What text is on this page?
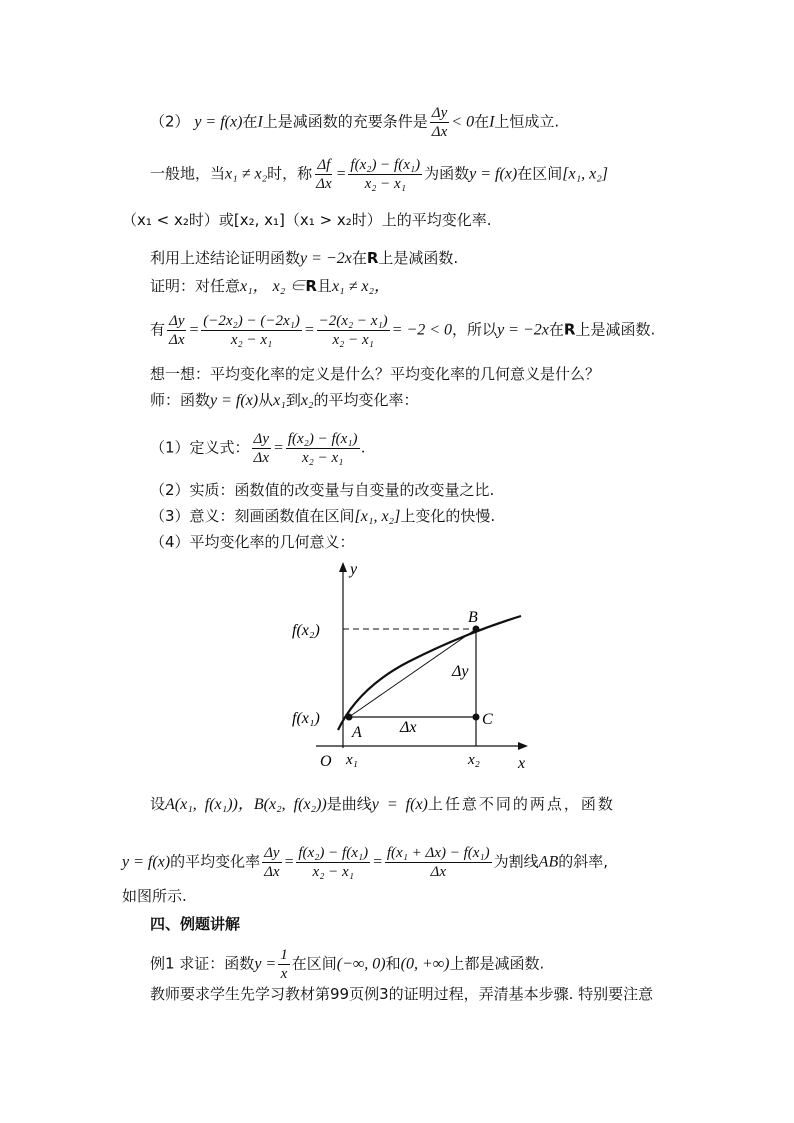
（2） y = f(x)在I上是减函数的充要条件是 $\frac{\Delta y}{\Delta x} < 0$在I上恒成立.
一般地，当x₁ ≠ x₂时，称 $\frac{\Delta f}{\Delta x} = \frac{\text{f(x₂) − f(x₁)}}{\text{x₂ − x₁}}$ 为函数y = f(x)在区间[x₁, x₂]
（x₁ < x₂时）或[x₂, x₁]（x₁ > x₂时）上的平均变化率.
利用上述结论证明函数y = −2x在R上是减函数.
证明：对任意x₁， x₂ ∈R且x₁ ≠ x₂，
有 $\frac{\Delta y}{\Delta x} = \frac{\text{(−2x₂) − (−2x₁)}}{\text{x₂ − x₁}} = \frac{\text{−2(x₂ − x₁)}}{\text{x₂ − x₁}} = -2 < 0$，所以y = −2x在R上是减函数.
想一想：平均变化率的定义是什么？平均变化率的几何意义是什么？
师：函数y = f(x)从x₁到x₂的平均变化率：
（1）定义式： $\frac{\Delta y}{\Delta x} = \frac{\text{f(x₂) − f(x₁)}}{\text{x₂ − x₁}}$ .
（2）实质：函数值的改变量与自变量的改变量之比.
（3）意义：刻画函数值在区间[x₁, x₂]上变化的快慢.
（4）平均变化率的几何意义：
y
x
O
f(x₂)
f(x₁)
A
B
C
Δx
Δy
x₁	x₂
设A(x₁, f(x₁))，B(x₂, f(x₂))是曲线y = f(x)上任意不同的两点，函数
y = f(x)的平均变化率 $\frac{\Delta y}{\Delta x} = \frac{\text{f(x₂) − f(x₁)}}{\text{x₂ − x₁}} = \frac{\text{f(x₁ + Δx) − f(x₁)}}{\Delta x}$ 为割线AB的斜率,
如图所示.
四、例题讲解
例1 求证：函数$y = \frac{1}{x}$ 在区间(−∞, 0)和(0, +∞)上都是减函数.
教师要求学生先学习教材第99页例3的证明过程，弄清基本步骤. 特别要注意
